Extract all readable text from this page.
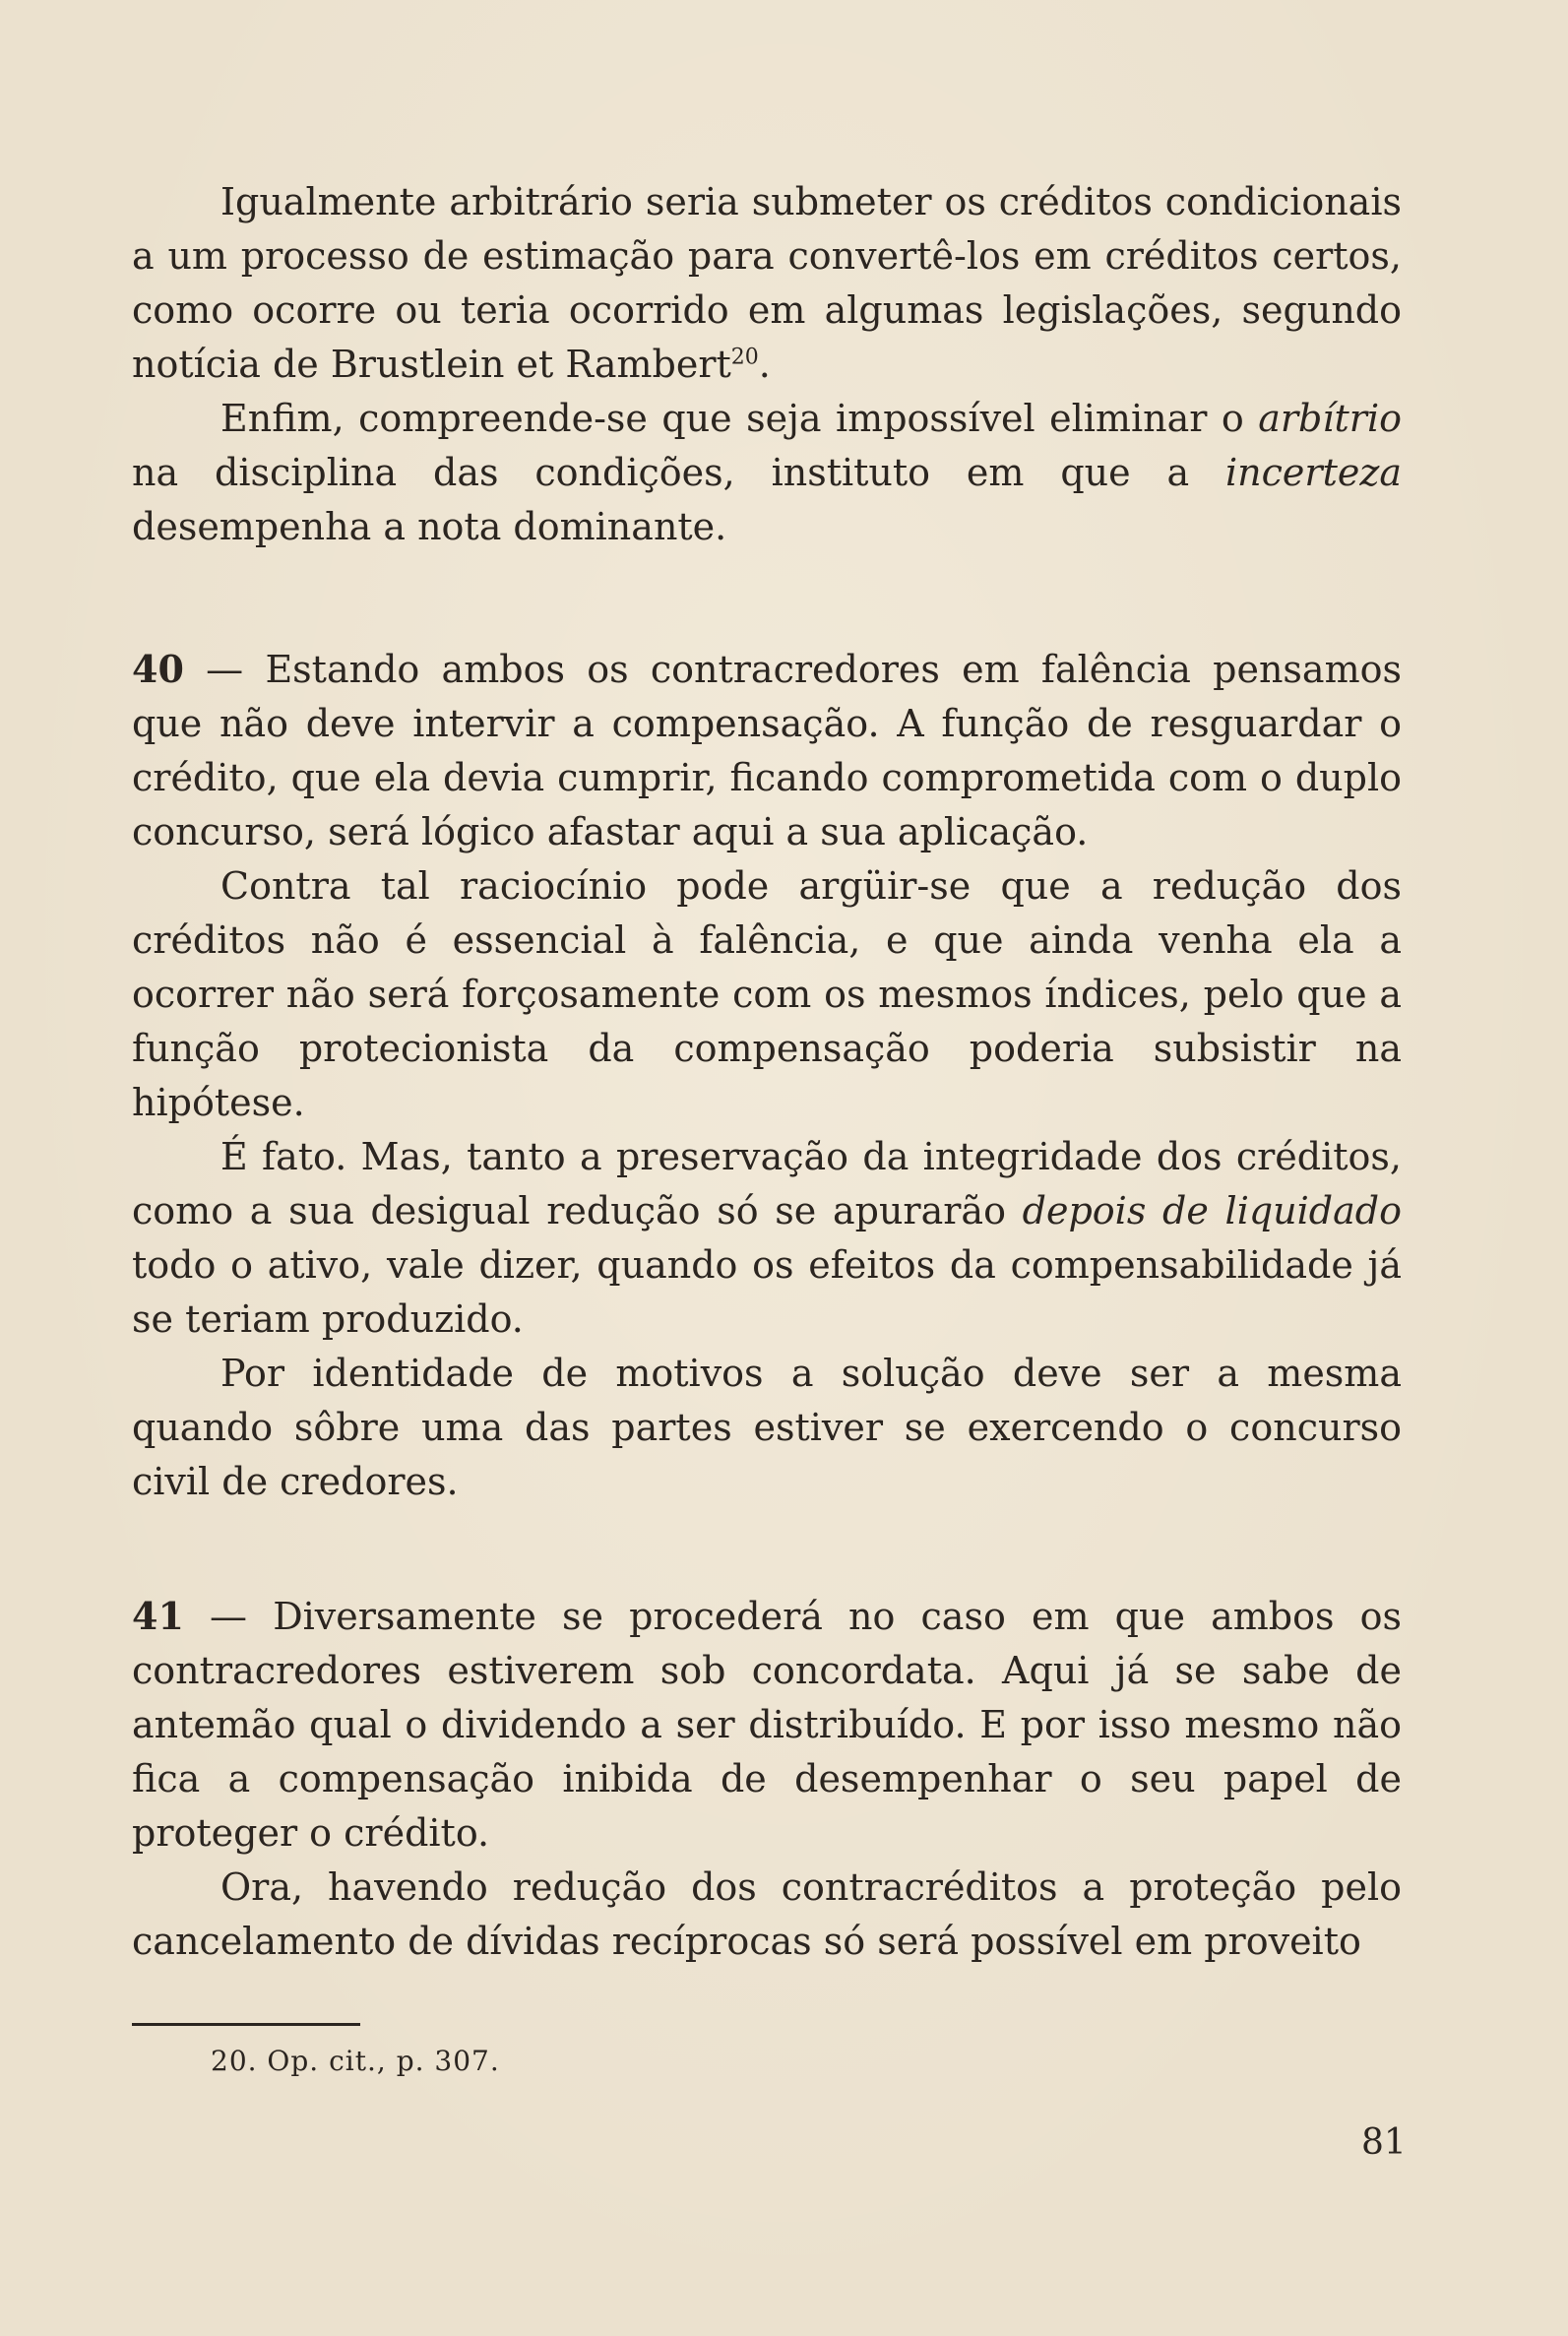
Igualmente arbitrário seria submeter os créditos condicionais a um processo de estimação para convertê-los em créditos certos, como ocorre ou teria ocorrido em algumas legislações, segundo notícia de Brustlein et Rambert$^{20}$.

Enfim, compreende-se que seja impossível eliminar o arbítrio na disciplina das condições, instituto em que a incerteza desempenha a nota dominante.

40 — Estando ambos os contracredores em falência pensamos que não deve intervir a compensação. A função de resguardar o crédito, que ela devia cumprir, ficando comprometida com o duplo concurso, será lógico afastar aqui a sua aplicação.

Contra tal raciocínio pode argüir-se que a redução dos créditos não é essencial à falência, e que ainda venha ela a ocorrer não será forçosamente com os mesmos índices, pelo que a função protecionista da compensação poderia subsistir na hipótese.

É fato. Mas, tanto a preservação da integridade dos créditos, como a sua desigual redução só se apurarão depois de liquidado todo o ativo, vale dizer, quando os efeitos da compensabilidade já se teriam produzido.

Por identidade de motivos a solução deve ser a mesma quando sôbre uma das partes estiver se exercendo o concurso civil de credores.

41 — Diversamente se procederá no caso em que ambos os contracredores estiverem sob concordata. Aqui já se sabe de antemão qual o dividendo a ser distribuído. E por isso mesmo não fica a compensação inibida de desempenhar o seu papel de proteger o crédito.

Ora, havendo redução dos contracréditos a proteção pelo cancelamento de dívidas recíprocas só será possível em proveito

20. Op. cit., p. 307.
81
